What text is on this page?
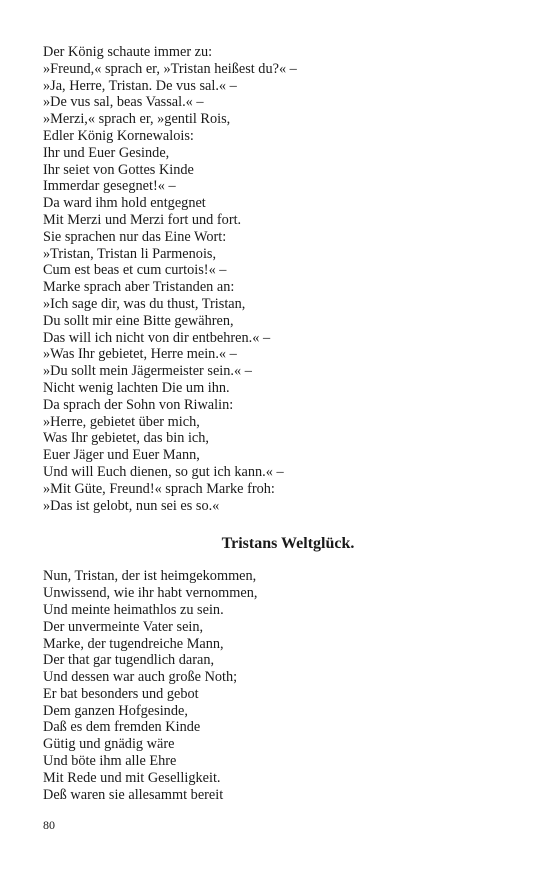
Der König schaute immer zu:
»Freund,« sprach er, »Tristan heißest du?« –
»Ja, Herre, Tristan. De vus sal.« –
»De vus sal, beas Vassal.« –
»Merzi,« sprach er, »gentil Rois,
Edler König Kornewalois:
Ihr und Euer Gesinde,
Ihr seiet von Gottes Kinde
Immerdar gesegnet!« –
Da ward ihm hold entgegnet
Mit Merzi und Merzi fort und fort.
Sie sprachen nur das Eine Wort:
»Tristan, Tristan li Parmenois,
Cum est beas et cum curtois!« –
Marke sprach aber Tristanden an:
»Ich sage dir, was du thust, Tristan,
Du sollt mir eine Bitte gewähren,
Das will ich nicht von dir entbehren.« –
»Was Ihr gebietet, Herre mein.« –
»Du sollt mein Jägermeister sein.« –
Nicht wenig lachten Die um ihn.
Da sprach der Sohn von Riwalin:
»Herre, gebietet über mich,
Was Ihr gebietet, das bin ich,
Euer Jäger und Euer Mann,
Und will Euch dienen, so gut ich kann.« –
»Mit Güte, Freund!« sprach Marke froh:
»Das ist gelobt, nun sei es so.«
Tristans Weltglück.
Nun, Tristan, der ist heimgekommen,
Unwissend, wie ihr habt vernommen,
Und meinte heimathlos zu sein.
Der unvermeinte Vater sein,
Marke, der tugendreiche Mann,
Der that gar tugendlich daran,
Und dessen war auch große Noth;
Er bat besonders und gebot
Dem ganzen Hofgesinde,
Daß es dem fremden Kinde
Gütig und gnädig wäre
Und böte ihm alle Ehre
Mit Rede und mit Geselligkeit.
Deß waren sie allesammt bereit
80
